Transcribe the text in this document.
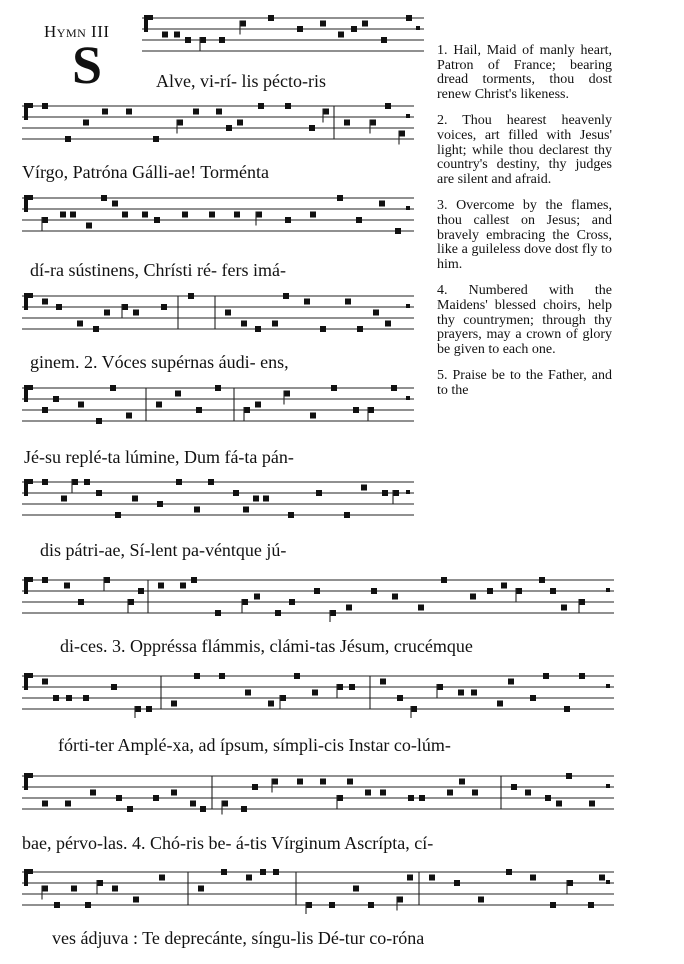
Hymn III
S	Alve, vi-rí- lis pécto-ris
Vírgo, Patróna Gálli-ae! Torménta
dí-ra sústinens, Chrísti ré- fers imá-
ginem. 2. Vóces supérnas áudi- ens,
Jé-su replé-ta lúmine, Dum fá-ta pán-
dis pátri-ae, Sí-lent pa-véntque jú-
di-ces. 3. Oppréssa flámmis, clámi-tas Jésum, crucémque
fórti-ter Amplé-xa, ad ípsum, símpli-cis Instar co-lúm-
bae, pérvo-las. 4. Chó-ris be- á-tis Vírginum Ascrípta, cí-
ves ádjuva : Te deprecánte, síngu-lis Dé-tur co-róna

1. Hail, Maid of manly heart, Patron of France; bearing dread torments, thou dost renew Christ's likeness.

2. Thou hearest heavenly voices, art filled with Jesus' light; while thou declarest thy country's destiny, thy judges are silent and afraid.

3. Overcome by the flames, thou callest on Jesus; and bravely embracing the Cross, like a guileless dove dost fly to him.

4. Numbered with the Maidens' blessed choirs, help thy countrymen; through thy prayers, may a crown of glory be given to each one.

5. Praise be to the Father, and to the
